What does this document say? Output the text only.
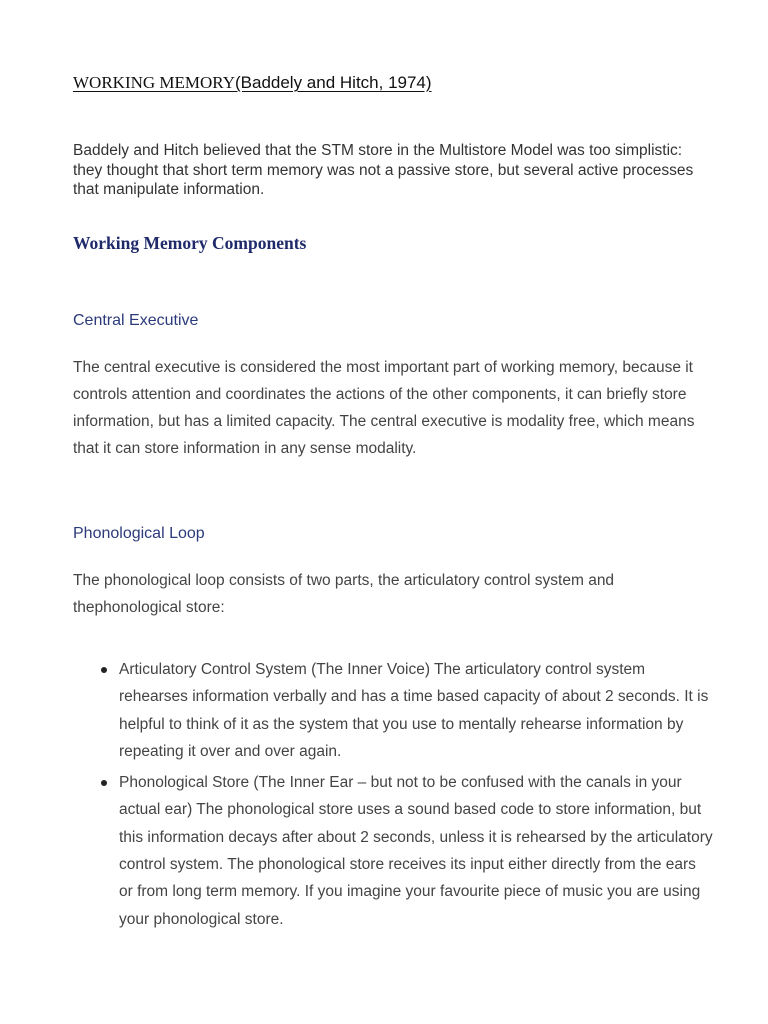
WORKING MEMORY(Baddely and Hitch, 1974)

Baddely and Hitch believed that the STM store in the Multistore Model was too simplistic: they thought that short term memory was not a passive store, but several active processes that manipulate information.

Working Memory Components
Central Executive

The central executive is considered the most important part of working memory, because it controls attention and coordinates the actions of the other components, it can briefly store information, but has a limited capacity. The central executive is modality free, which means that it can store information in any sense modality.

Phonological Loop

The phonological loop consists of two parts, the articulatory control system and thephonological store:

Articulatory Control System (The Inner Voice) The articulatory control system rehearses information verbally and has a time based capacity of about 2 seconds. It is helpful to think of it as the system that you use to mentally rehearse information by repeating it over and over again.
Phonological Store (The Inner Ear – but not to be confused with the canals in your actual ear) The phonological store uses a sound based code to store information, but this information decays after about 2 seconds, unless it is rehearsed by the articulatory control system. The phonological store receives its input either directly from the ears or from long term memory. If you imagine your favourite piece of music you are using your phonological store.
